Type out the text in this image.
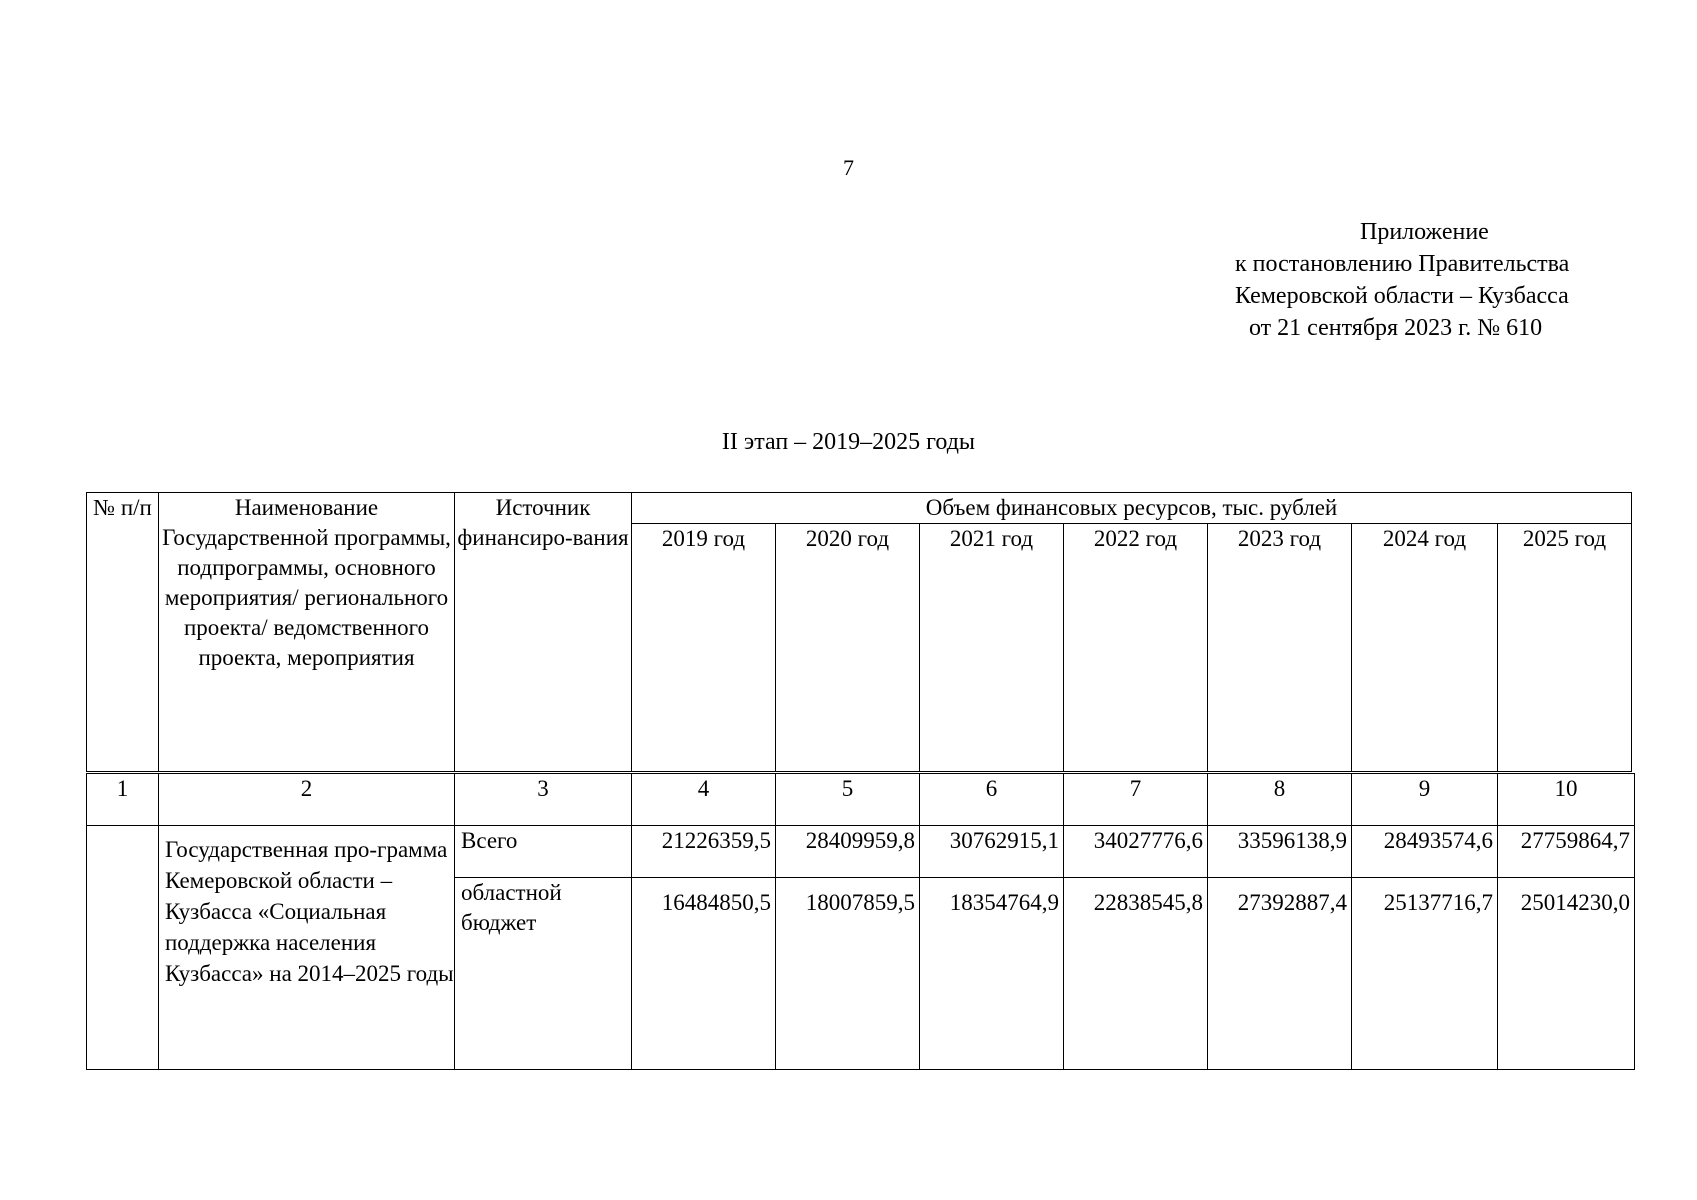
7
Приложение
к постановлению Правительства
Кемеровской области – Кузбасса
от 21 сентября 2023 г. № 610
II этап – 2019–2025 годы
№ п/п	Наименование Государственной программы, подпрограммы, основного мероприятия/ регионального проекта/ ведомственного проекта, мероприятия	Источник финансиро-вания	Объем финансовых ресурсов, тыс. рублей						
			2019 год	2020 год	2021 год	2022 год	2023 год	2024 год	2025 год
1	2	3	4	5	6	7	8	9	10
	Государственная про-грамма Кемеровской области – Кузбасса «Социальная поддержка населения Кузбасса» на 2014–2025 годы	Всего	21226359,5	28409959,8	30762915,1	34027776,6	33596138,9	28493574,6	27759864,7
		областной бюджет	16484850,5	18007859,5	18354764,9	22838545,8	27392887,4	25137716,7	25014230,0
